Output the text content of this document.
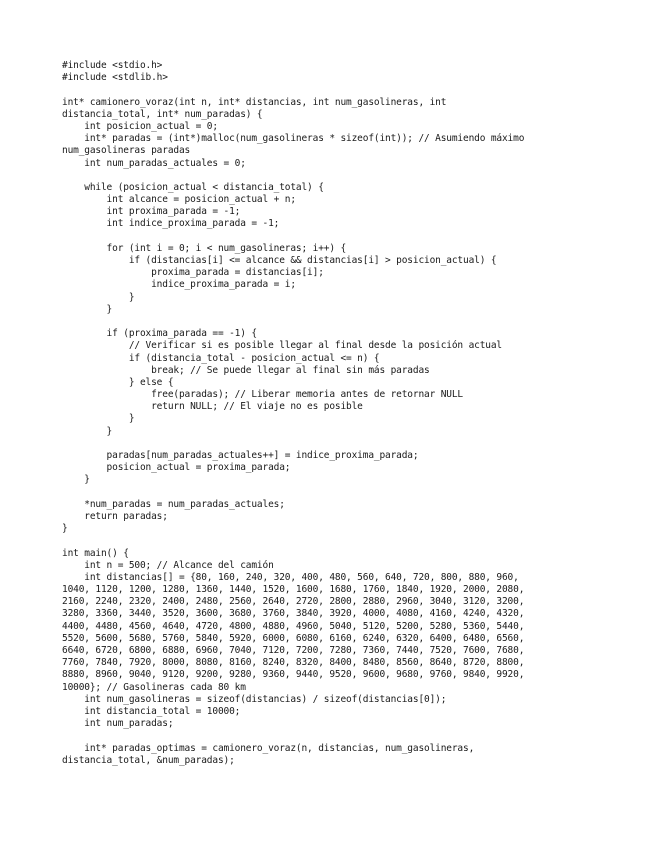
#include <stdio.h>
#include <stdlib.h>
int* camionero_voraz(int n, int* distancias, int num_gasolineras, int
distancia_total, int* num_paradas) {
int posicion_actual = 0;
int* paradas = (int*)malloc(num_gasolineras * sizeof(int)); // Asumiendo máximo
num_gasolineras paradas
int num_paradas_actuales = 0;
while (posicion_actual < distancia_total) {
int alcance = posicion_actual + n;
int proxima_parada = -1;
int indice_proxima_parada = -1;
for (int i = 0; i < num_gasolineras; i++) {
if (distancias[i] <= alcance && distancias[i] > posicion_actual) {
proxima_parada = distancias[i];
indice_proxima_parada = i;
}
}
if (proxima_parada == -1) {
// Verificar si es posible llegar al final desde la posición actual
if (distancia_total - posicion_actual <= n) {
break; // Se puede llegar al final sin más paradas
} else {
free(paradas); // Liberar memoria antes de retornar NULL
return NULL; // El viaje no es posible
}
}
paradas[num_paradas_actuales++] = indice_proxima_parada;
posicion_actual = proxima_parada;
}
*num_paradas = num_paradas_actuales;
return paradas;
}
int main() {
int n = 500; // Alcance del camión
int distancias[] = {80, 160, 240, 320, 400, 480, 560, 640, 720, 800, 880, 960,
1040, 1120, 1200, 1280, 1360, 1440, 1520, 1600, 1680, 1760, 1840, 1920, 2000, 2080,
2160, 2240, 2320, 2400, 2480, 2560, 2640, 2720, 2800, 2880, 2960, 3040, 3120, 3200,
3280, 3360, 3440, 3520, 3600, 3680, 3760, 3840, 3920, 4000, 4080, 4160, 4240, 4320,
4400, 4480, 4560, 4640, 4720, 4800, 4880, 4960, 5040, 5120, 5200, 5280, 5360, 5440,
5520, 5600, 5680, 5760, 5840, 5920, 6000, 6080, 6160, 6240, 6320, 6400, 6480, 6560,
6640, 6720, 6800, 6880, 6960, 7040, 7120, 7200, 7280, 7360, 7440, 7520, 7600, 7680,
7760, 7840, 7920, 8000, 8080, 8160, 8240, 8320, 8400, 8480, 8560, 8640, 8720, 8800,
8880, 8960, 9040, 9120, 9200, 9280, 9360, 9440, 9520, 9600, 9680, 9760, 9840, 9920,
10000}; // Gasolineras cada 80 km
int num_gasolineras = sizeof(distancias) / sizeof(distancias[0]);
int distancia_total = 10000;
int num_paradas;
int* paradas_optimas = camionero_voraz(n, distancias, num_gasolineras,
distancia_total, &num_paradas);
